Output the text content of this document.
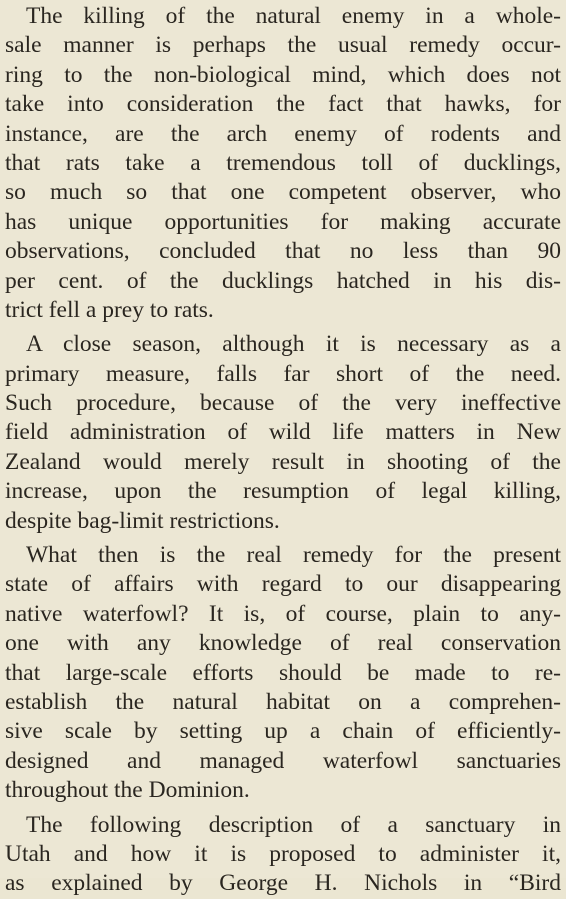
The killing of the natural enemy in a whole-
sale manner is perhaps the usual remedy occur-
ring to the non-biological mind, which does not
take into consideration the fact that hawks, for
instance, are the arch enemy of rodents and
that rats take a tremendous toll of ducklings,
so much so that one competent observer, who
has unique opportunities for making accurate
observations, concluded that no less than 90
per cent. of the ducklings hatched in his dis-
trict fell a prey to rats.
A close season, although it is necessary as a
primary measure, falls far short of the need.
Such procedure, because of the very ineffective
field administration of wild life matters in New
Zealand would merely result in shooting of the
increase, upon the resumption of legal killing,
despite bag-limit restrictions.
What then is the real remedy for the present
state of affairs with regard to our disappearing
native waterfowl? It is, of course, plain to any-
one with any knowledge of real conservation
that large-scale efforts should be made to re-
establish the natural habitat on a comprehen-
sive scale by setting up a chain of efficiently-
designed and managed waterfowl sanctuaries
throughout the Dominion.
The following description of a sanctuary in
Utah and how it is proposed to administer it,
as explained by George H. Nichols in “Bird
